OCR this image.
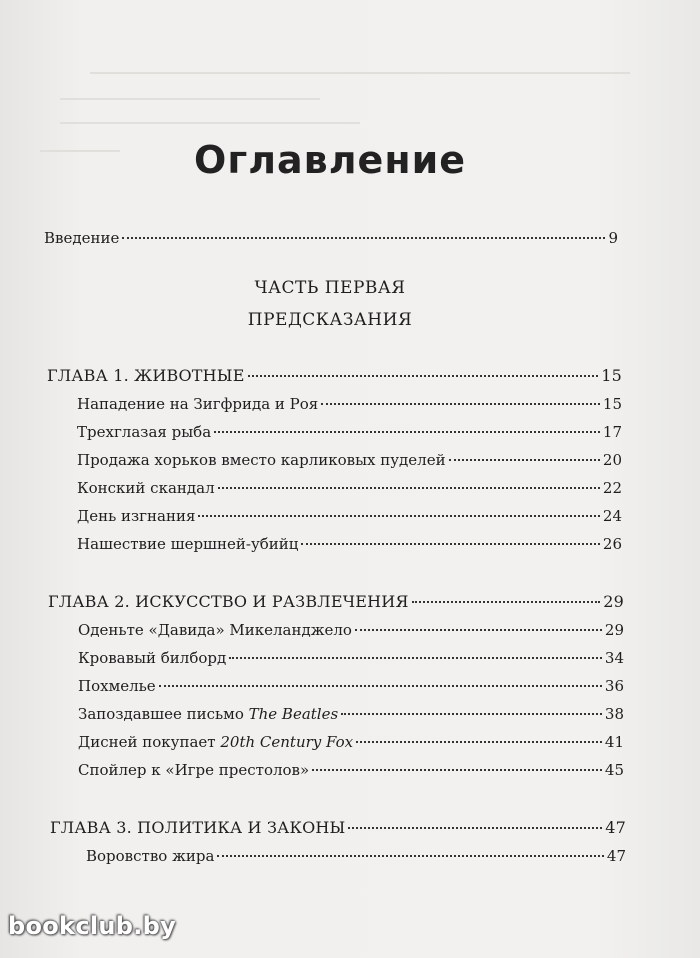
Оглавление
Введение	9
ЧАСТЬ ПЕРВАЯ
ПРЕДСКАЗАНИЯ
ГЛАВА 1. ЖИВОТНЫЕ	15
Нападение на Зигфрида и Роя	15
Трехглазая рыба	17
Продажа хорьков вместо карликовых пуделей	20
Конский скандал	22
День изгнания	24
Нашествие шершней-убийц	26
ГЛАВА 2. ИСКУССТВО И РАЗВЛЕЧЕНИЯ	29
Оденьте «Давида» Микеланджело	29
Кровавый билборд	34
Похмелье	36
Запоздавшее письмо The Beatles	38
Дисней покупает 20th Century Fox	41
Спойлер к «Игре престолов»	45
ГЛАВА 3. ПОЛИТИКА И ЗАКОНЫ	47
Воровство жира	47
bookclub.by
